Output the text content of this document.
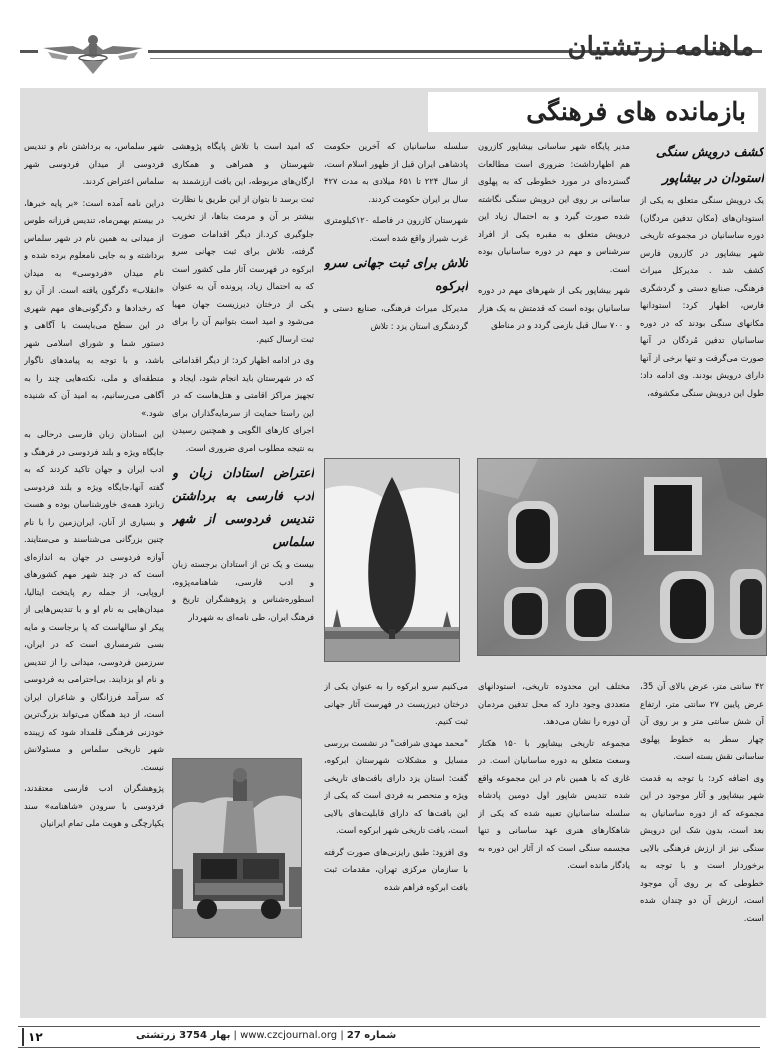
ماهنامه زرتشتیان
بازمانده های فرهنگی
کشف درویش سنگی
استودان در بیشاپور

یک درویش سنگی متعلق به یکی از استودان‌های (مکان تدفین مردگان) دوره ساسانیان در مجموعه تاریخی شهر بیشاپور در کازرون فارس کشف شد . مدیرکل میراث فرهنگی، صنایع دستی و گردشگری فارس، اظهار کرد: استودانها مکانهای سنگی بودند که در دوره ساسانیان تدفین مُردگان در آنها صورت می‌گرفت و تنها برخی از آنها دارای درویش بودند. وی ادامه داد: طول این درویش سنگی مکشوفه،

۴۲ سانتی متر، عرض بالای آن 35، عرض پایین ۲۷ سانتی متر، ارتفاع آن شش سانتی متر و بر روی آن چهار سطر به خطوط پهلوی ساسانی نقش بسته است.

وی اضافه کرد: با توجه به قدمت شهر بیشاپور و آثار موجود در این مجموعه که از دوره ساسانیان به بعد است، بدون شک این درویش سنگی نیز از ارزش فرهنگی بالایی برخوردار است و با توجه به خطوطی که بر روی آن موجود است، ارزش آن دو چندان شده است.

مدیر پایگاه شهر ساسانی بیشاپور کازرون هم اظهارداشت: ضروری است مطالعات گسترده‌ای در مورد خطوطی که به پهلوی ساسانی بر روی این درویش سنگی نگاشته شده صورت گیرد و به احتمال زیاد این درویش متعلق به مقبره یکی از افراد سرشناس و مهم در دوره ساسانیان بوده است.

شهر بیشاپور یکی از شهرهای مهم در دوره ساسانیان بوده است که قدمتش به یک هزار و ۷۰۰ سال قبل بازمی گردد و در مناطق

مختلف این محدوده تاریخی، استودانهای متعددی وجود دارد که محل تدفین مردمان آن دوره را نشان می‌دهد.

مجموعه تاریخی بیشاپور با ۱۵۰ هکتار وسعت متعلق به دوره ساسانیان است. در غاری که با همین نام در این مجموعه واقع شده تندیس شاپور اول دومین پادشاه سلسله ساسانیان تعبیه شده که یکی از شاهکارهای هنری عهد ساسانی و تنها مجسمه سنگی است که از آثار این دوره به یادگار مانده است.

سلسله ساسانیان که آخرین حکومت پادشاهی ایران قبل از ظهور اسلام است، از سال ۲۲۴ تا ۶۵۱ میلادی به مدت ۴۲۷ سال بر ایران حکومت کردند.

شهرستان کازرون در فاصله ۱۲۰کیلومتری غرب شیراز واقع شده است.

تلاش برای ثبت جهانی سرو ابرکوه

مدیرکل میراث فرهنگی، صنایع دستی و گردشگری استان یزد : تلاش

می‌کنیم سرو ابرکوه را به عنوان یکی از درختان دیرزیست در فهرست آثار جهانی ثبت کنیم.

"محمد مهدی شرافت" در نشست بررسی مسایل و مشکلات شهرستان ابرکوه، گفت: استان یزد دارای بافت‌های تاریخی ویژه و منحصر به فردی است که یکی از این بافت‌ها که دارای قابلیت‌های بالایی است، بافت تاریخی شهر ابرکوه است.

وی افزود: طبق رایزنی‌های صورت گرفته با سازمان مرکزی تهران، مقدمات ثبت بافت ابرکوه فراهم شده

که امید است با تلاش پایگاه پژوهشی شهرستان و همراهی و همکاری ارگان‌های مربوطه، این بافت ارزشمند به ثبت برسد تا بتوان از این طریق با نظارت بیشتر بر آن و مرمت بناها، از تخریب جلوگیری کرد.از دیگر اقدامات صورت گرفته، تلاش برای ثبت جهانی سرو ابرکوه در فهرست آثار ملی کشور است که به احتمال زیاد، پرونده آن به عنوان یکی از درختان دیرزیست جهان مهیا می‌شود و امید است بتوانیم آن را برای ثبت ارسال کنیم.

وی در ادامه اظهار کرد: از دیگر اقداماتی که در شهرستان باید انجام شود، ایجاد و تجهیز مراکز اقامتی و هتل‌هاست که در این راستا حمایت از سرمایه‌گذاران برای اجرای کارهای الگویی و همچنین رسیدن به نتیجه مطلوب امری ضروری است.

اعتراض استادان زبان و ادب فارسی به برداشتن تندیس فردوسی از شهر سلماس

بیست و یک تن از استادان برجسته زبان و ادب فارسی، شاهنامه‌پژوه، اسطوره‌شناس و پژوهشگران تاریخ و فرهنگ ایران، طی نامه‌ای به شهردار

شهر سلماس، به برداشتن نام و تندیس فردوسی از میدان فردوسی شهر سلماس اعتراض کردند.

دراین نامه آمده است: «بر پایه خبرها، در بیستم بهمن‌ماه، تندیس فرزانه طوس از میدانی به همین نام در شهر سلماس برداشته و به جایی نامعلوم برده شده و نام میدان «فردوسی» به میدان «انقلاب» دگرگون یافته است. از آن رو که رخدادها و دگرگونی‌های مهم شهری در این سطح می‌بایست با آگاهی و دستور شما و شورای اسلامی شهر باشد، و با توجه به پیامدهای ناگوار منطقه‌ای و ملی، نکته‌هایی چند را به آگاهی می‌رسانیم، به امید آن که شنیده شود.»

این استادان زبان فارسی درحالی به جایگاه ویژه و بلند فردوسی در فرهنگ و ادب ایران و جهان تاکید کردند که به گفته آنها،جایگاه ویژه و بلند فردوسی زبانزد همه‌ی خاورشناسان بوده و هست و بسیاری از آنان، ایران‌زمین را با نام چنین بزرگانی می‌شناسند و می‌ستایند. آوازه فردوسی در جهان به اندازه‌ای است که در چند شهر مهم کشورهای اروپایی، از جمله رم پایتخت ایتالیا، میدان‌هایی به نام او و با تندیس‌هایی از پیکر او سالهاست که پا برجاست و مایه بسی شرمساری است که در ایران، سرزمین فردوسی، میدانی را از تندیس و نام او بزدایند. بی‌احترامی به فردوسی که سرآمد فرزانگان و شاعران ایران است، از دید همگان می‌تواند بزرگ‌ترین خودزنی فرهنگی قلمداد شود که زیبنده شهر تاریخی سلماس و مسئولانش نیست.

پژوهشگران ادب فارسی معتقدند، فردوسی با سرودن «شاهنامه» سند یکپارچگی و هویت ملی تمام ایرانیان

۱۲	بهار 3754 زرتشتی | www.czcjournal.org | شماره 27
